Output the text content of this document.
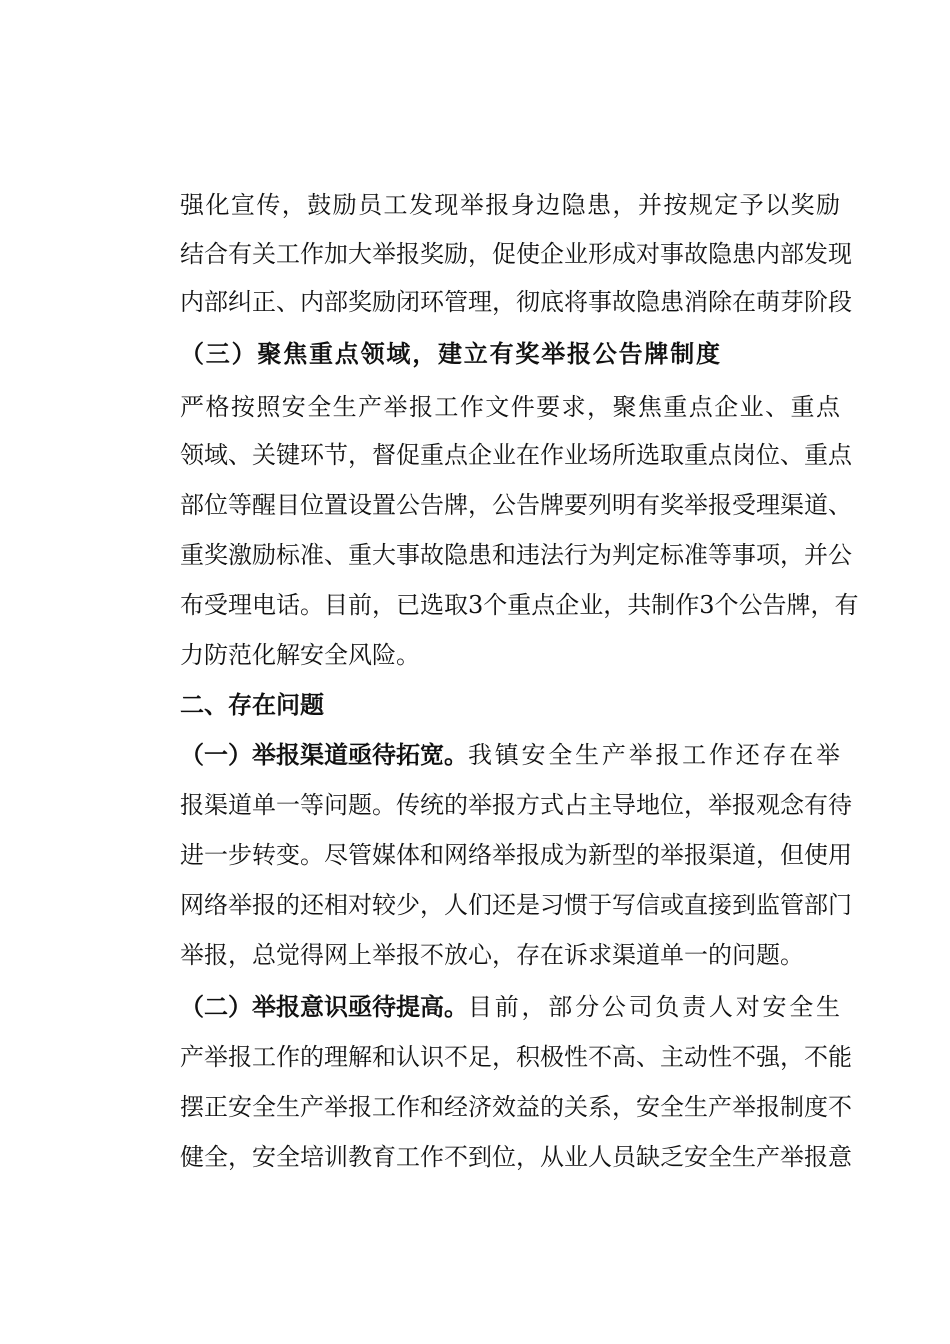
强化宣传，鼓励员工发现举报身边隐患，并按规定予以奖励
结合有关工作加大举报奖励，促使企业形成对事故隐患内部发现
内部纠正、内部奖励闭环管理，彻底将事故隐患消除在萌芽阶段
（三）聚焦重点领域，建立有奖举报公告牌制度
严格按照安全生产举报工作文件要求，聚焦重点企业、重点
领域、关键环节，督促重点企业在作业场所选取重点岗位、重点
部位等醒目位置设置公告牌，公告牌要列明有奖举报受理渠道、
重奖激励标准、重大事故隐患和违法行为判定标准等事项，并公
布受理电话。目前，已选取3个重点企业，共制作3个公告牌，有
力防范化解安全风险。
二、存在问题
（一）举报渠道亟待拓宽。 我镇安全生产举报工作还存在举
报渠道单一等问题。传统的举报方式占主导地位，举报观念有待
进一步转变。尽管媒体和网络举报成为新型的举报渠道，但使用
网络举报的还相对较少，人们还是习惯于写信或直接到监管部门
举报，总觉得网上举报不放心，存在诉求渠道单一的问题。
（二）举报意识亟待提高。 目前，部分公司负责人对安全生
产举报工作的理解和认识不足，积极性不高、主动性不强，不能
摆正安全生产举报工作和经济效益的关系，安全生产举报制度不
健全，安全培训教育工作不到位，从业人员缺乏安全生产举报意
